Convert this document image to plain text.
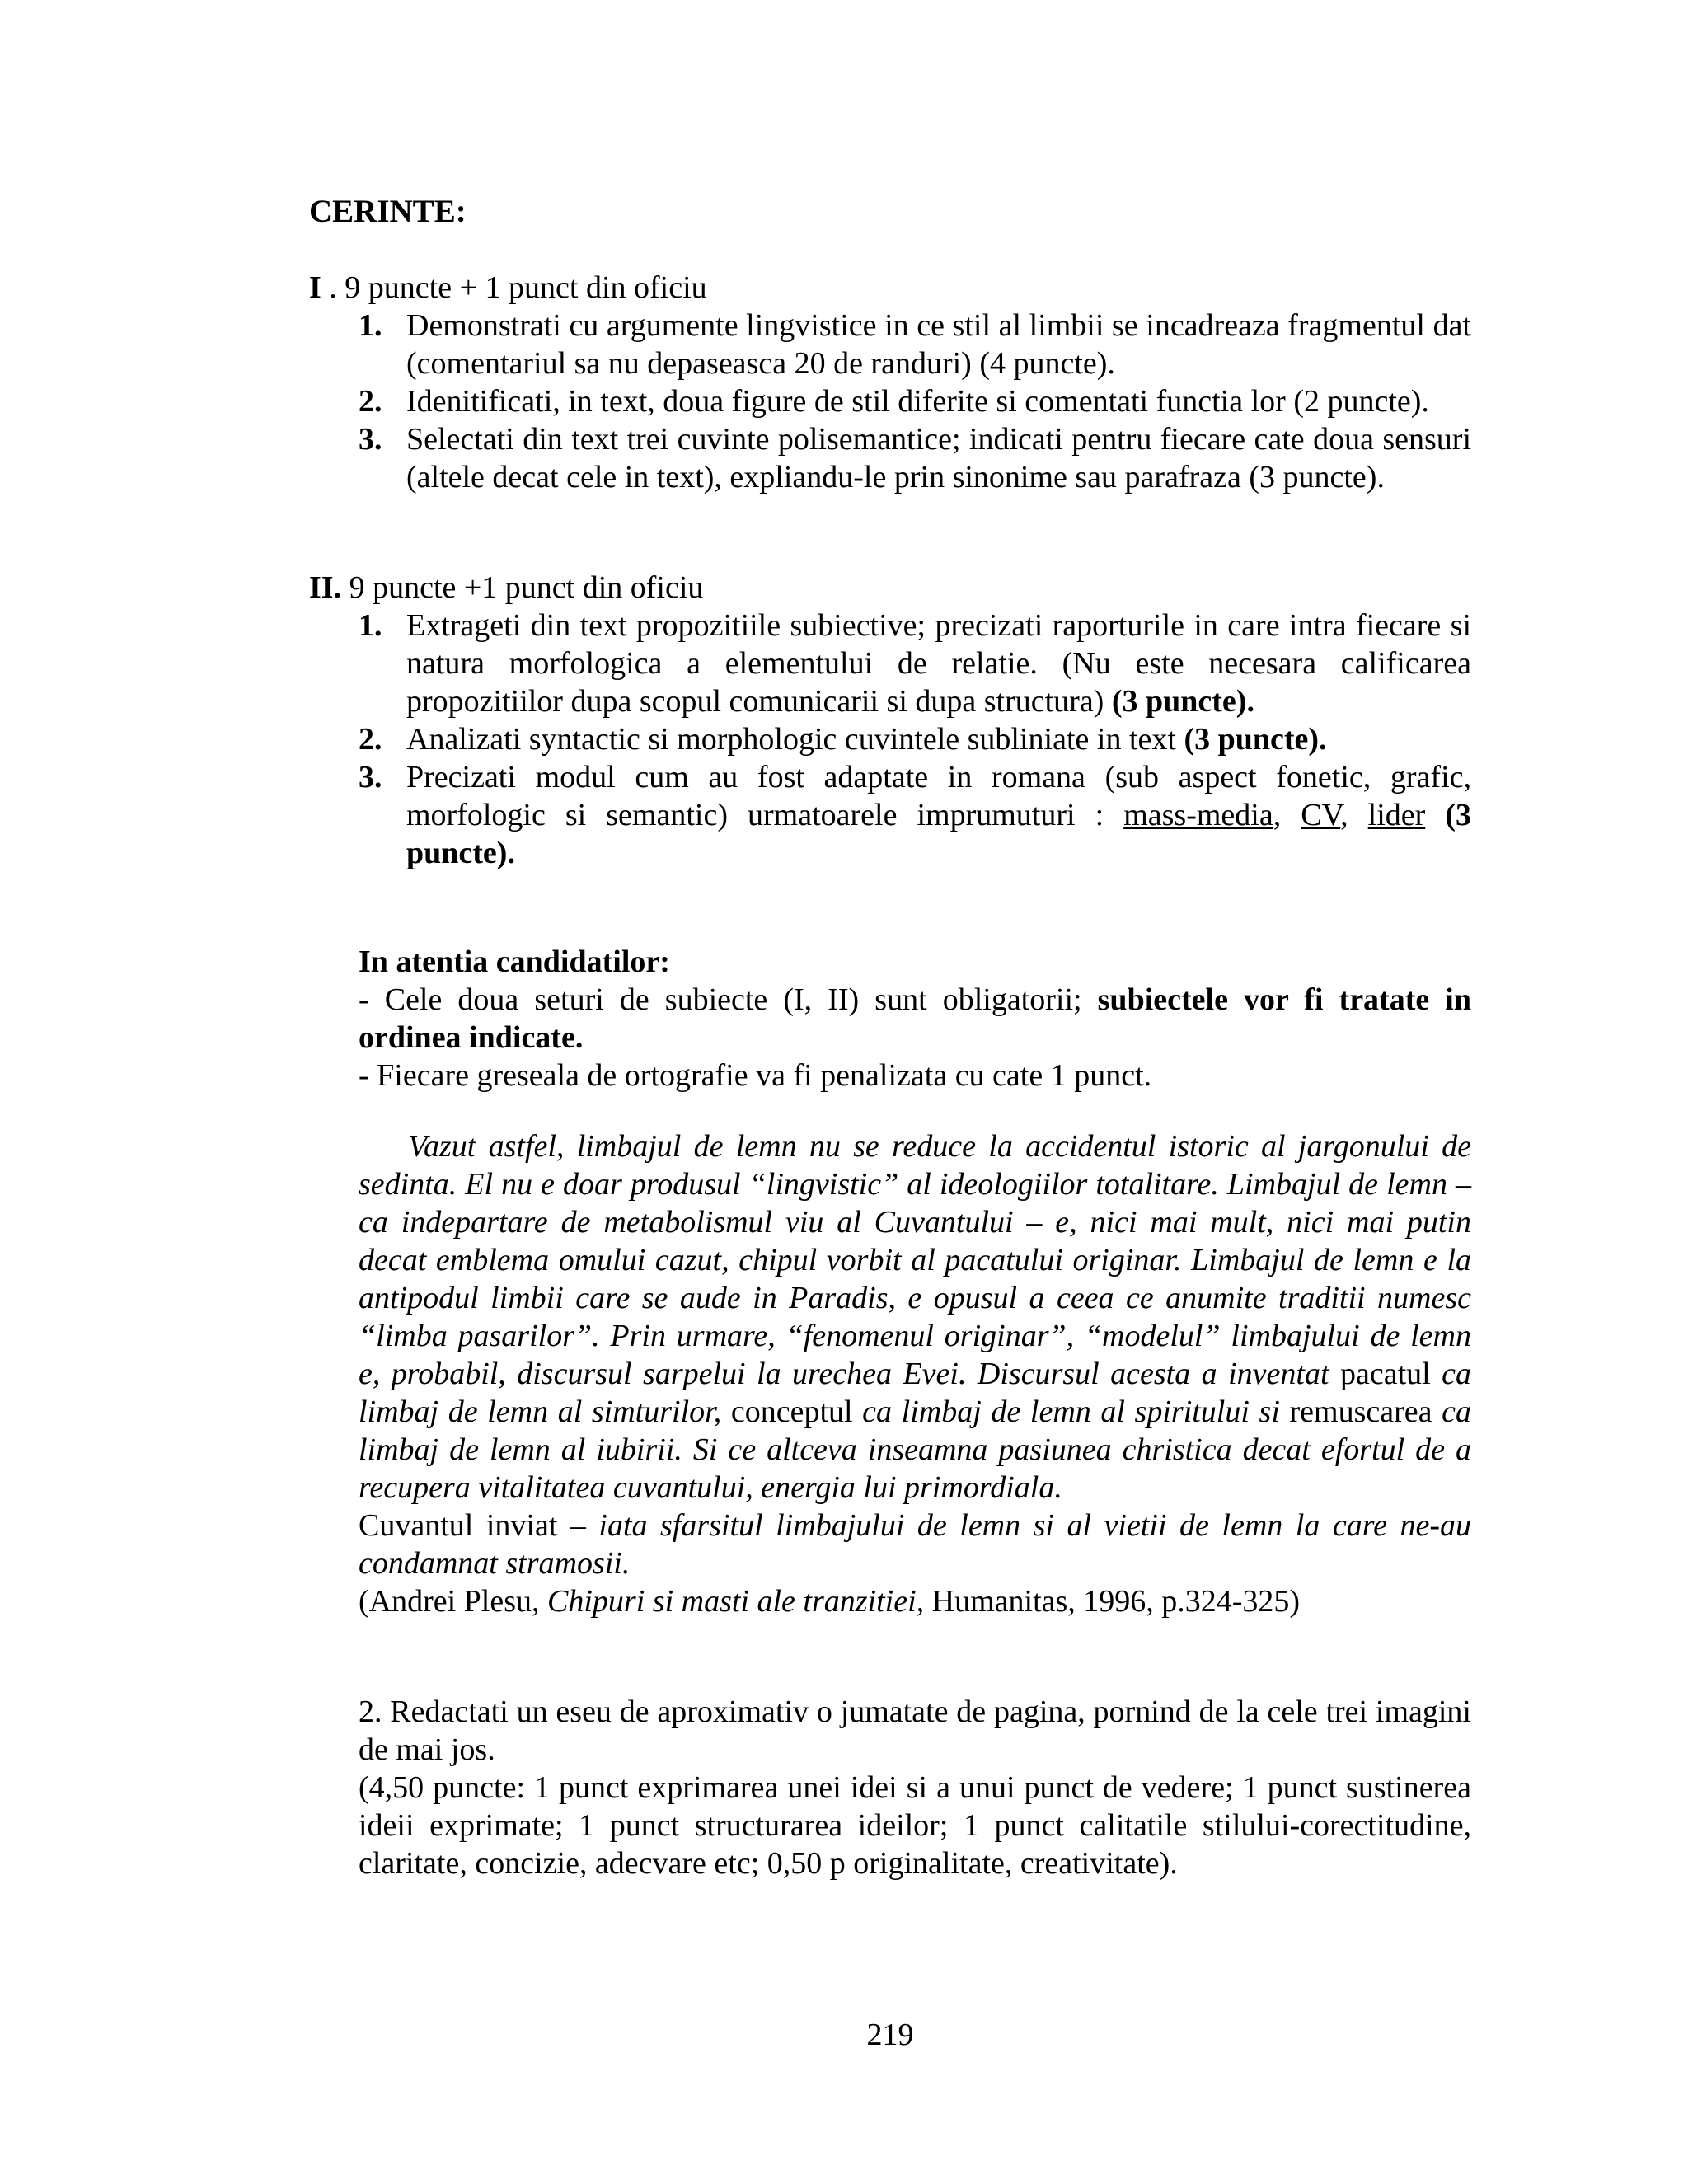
CERINTE:
I . 9 puncte + 1 punct din oficiu
1. Demonstrati cu argumente lingvistice in ce stil al limbii se incadreaza fragmentul dat (comentariul sa nu depaseasca 20 de randuri) (4 puncte).
2. Idenitificati, in text, doua figure de stil diferite si comentati functia lor (2 puncte).
3. Selectati din text trei cuvinte polisemantice; indicati pentru fiecare cate doua sensuri (altele decat cele in text), expliandu-le prin sinonime sau parafraza (3 puncte).
II. 9 puncte +1 punct din oficiu
1. Extrageti din text propozitiile subiective; precizati raporturile in care intra fiecare si natura morfologica a elementului de relatie. (Nu este necesara calificarea propozitiilor dupa scopul comunicarii si dupa structura) (3 puncte).
2. Analizati syntactic si morphologic cuvintele subliniate in text (3 puncte).
3. Precizati modul cum au fost adaptate in romana (sub aspect fonetic, grafic, morfologic si semantic) urmatoarele imprumuturi : mass-media, CV, lider (3 puncte).
In atentia candidatilor:
- Cele doua seturi de subiecte (I, II) sunt obligatorii; subiectele vor fi tratate in ordinea indicate.
- Fiecare greseala de ortografie va fi penalizata cu cate 1 punct.
Vazut astfel, limbajul de lemn nu se reduce la accidentul istoric al jargonului de sedinta. El nu e doar produsul “lingvistic” al ideologiilor totalitare. Limbajul de lemn – ca indepartare de metabolismul viu al Cuvantului – e, nici mai mult, nici mai putin decat emblema omului cazut, chipul vorbit al pacatului originar. Limbajul de lemn e la antipodul limbii care se aude in Paradis, e opusul a ceea ce anumite traditii numesc “limba pasarilor”. Prin urmare, “fenomenul originar”, “modelul” limbajului de lemn e, probabil, discursul sarpelui la urechea Evei. Discursul acesta a inventat pacatul ca limbaj de lemn al simturilor, conceptul ca limbaj de lemn al spiritului si remuscarea ca limbaj de lemn al iubirii. Si ce altceva inseamna pasiunea christica decat efortul de a recupera vitalitatea cuvantului, energia lui primordiala.
Cuvantul inviat – iata sfarsitul limbajului de lemn si al vietii de lemn la care ne-au condamnat stramosii.
(Andrei Plesu, Chipuri si masti ale tranzitiei, Humanitas, 1996, p.324-325)
2. Redactati un eseu de aproximativ o jumatate de pagina, pornind de la cele trei imagini de mai jos.
(4,50 puncte: 1 punct exprimarea unei idei si a unui punct de vedere; 1 punct sustinerea ideii exprimate; 1 punct structurarea ideilor; 1 punct calitatile stilului-corectitudine, claritate, concizie, adecvare etc; 0,50 p originalitate, creativitate).
219
